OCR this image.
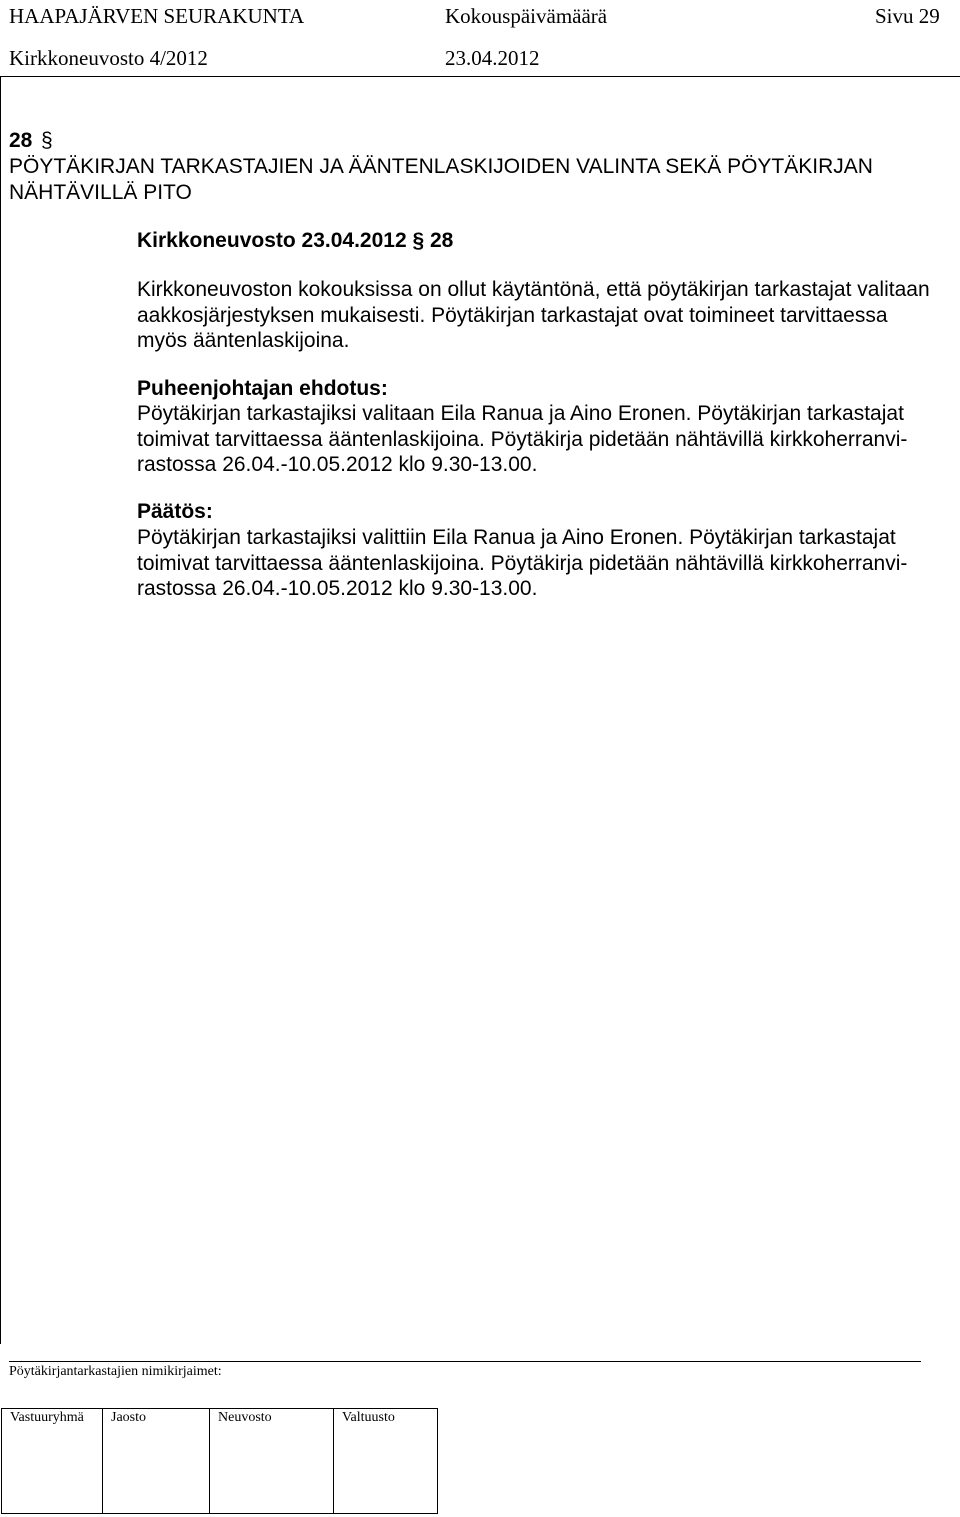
HAAPAJÄRVEN SEURAKUNTA	Kokouspäivämäärä	Sivu 29
Kirkkoneuvosto 4/2012	23.04.2012
28 §
PÖYTÄKIRJAN TARKASTAJIEN JA ÄÄNTENLASKIJOIDEN VALINTA SEKÄ PÖYTÄKIRJAN NÄHTÄVILLÄ PITO
Kirkkoneuvosto 23.04.2012 § 28
Kirkkoneuvoston kokouksissa on ollut käytäntönä, että pöytäkirjan tarkastajat valitaan
aakkosjärjestyksen mukaisesti. Pöytäkirjan tarkastajat ovat toimineet tarvittaessa
myös ääntenlaskijoina.
Puheenjohtajan ehdotus:
Pöytäkirjan tarkastajiksi valitaan Eila Ranua ja Aino Eronen. Pöytäkirjan tarkastajat
toimivat tarvittaessa ääntenlaskijoina. Pöytäkirja pidetään nähtävillä kirkkoherranvi-
rastossa 26.04.-10.05.2012 klo 9.30-13.00.
Päätös:
Pöytäkirjan tarkastajiksi valittiin Eila Ranua ja Aino Eronen. Pöytäkirjan tarkastajat
toimivat tarvittaessa ääntenlaskijoina. Pöytäkirja pidetään nähtävillä kirkkoherranvi-
rastossa 26.04.-10.05.2012 klo 9.30-13.00.
Pöytäkirjantarkastajien nimikirjaimet:
Vastuuryhmä	Jaosto	Neuvosto	Valtuusto
